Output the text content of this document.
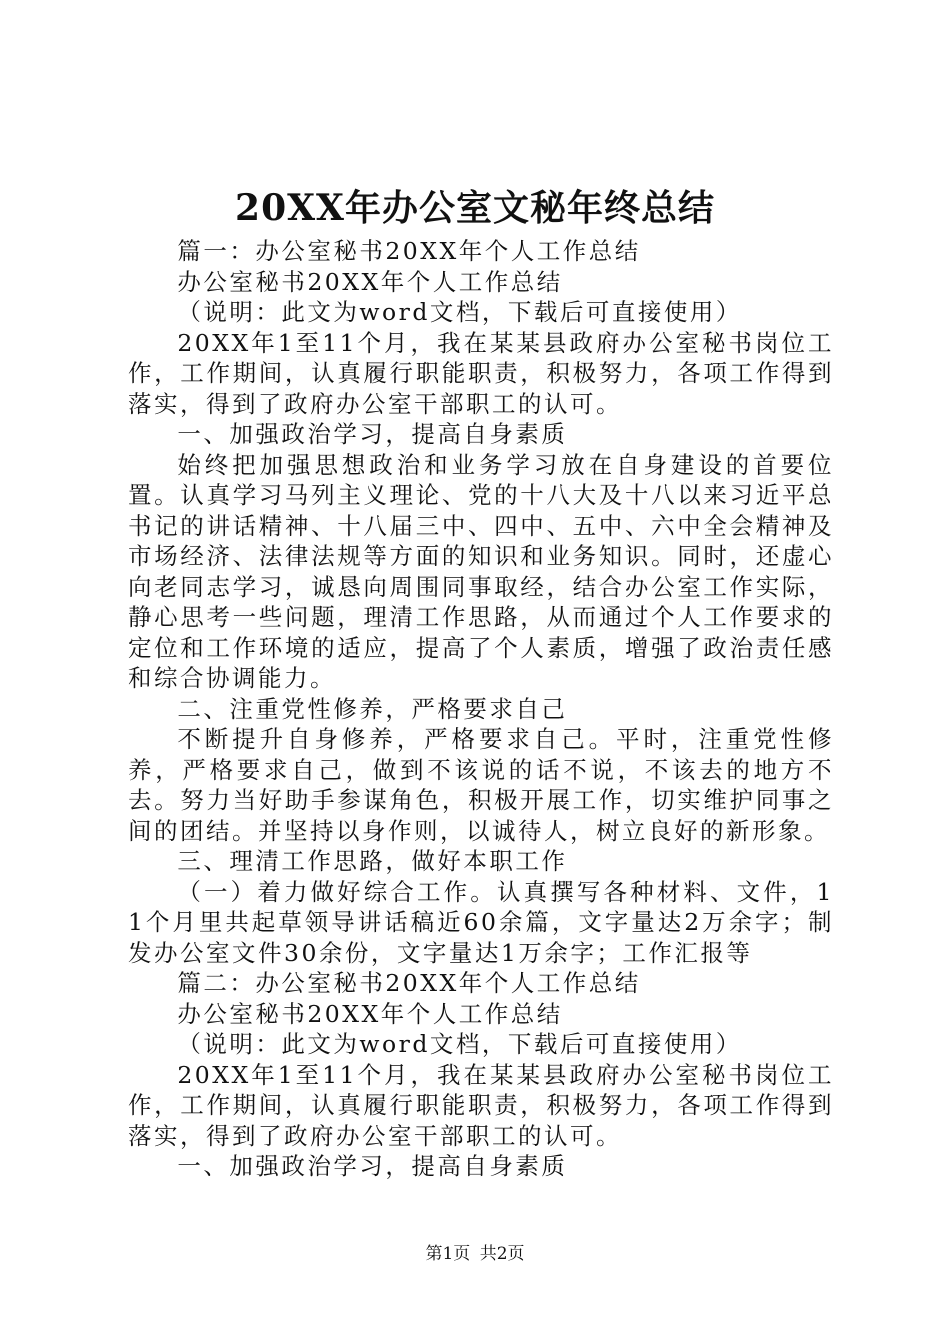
20XX年办公室文秘年终总结

篇一：办公室秘书20XX年个人工作总结

办公室秘书20XX年个人工作总结

（说明：此文为word文档，下载后可直接使用）

20XX年1至11个月，我在某某县政府办公室秘书岗位工作，工作期间，认真履行职能职责，积极努力，各项工作得到落实，得到了政府办公室干部职工的认可。

一、加强政治学习，提高自身素质

始终把加强思想政治和业务学习放在自身建设的首要位置。认真学习马列主义理论、党的十八大及十八以来习近平总书记的讲话精神、十八届三中、四中、五中、六中全会精神及市场经济、法律法规等方面的知识和业务知识。同时，还虚心向老同志学习，诚恳向周围同事取经，结合办公室工作实际，静心思考一些问题，理清工作思路，从而通过个人工作要求的定位和工作环境的适应，提高了个人素质，增强了政治责任感和综合协调能力。

二、注重党性修养，严格要求自己

不断提升自身修养，严格要求自己。平时，注重党性修养，严格要求自己，做到不该说的话不说，不该去的地方不去。努力当好助手参谋角色，积极开展工作，切实维护同事之间的团结。并坚持以身作则，以诚待人，树立良好的新形象。

三、理清工作思路，做好本职工作

（一）着力做好综合工作。认真撰写各种材料、文件，11个月里共起草领导讲话稿近60余篇，文字量达2万余字；制发办公室文件30余份，文字量达1万余字；工作汇报等

篇二：办公室秘书20XX年个人工作总结

办公室秘书20XX年个人工作总结

（说明：此文为word文档，下载后可直接使用）

20XX年1至11个月，我在某某县政府办公室秘书岗位工作，工作期间，认真履行职能职责，积极努力，各项工作得到落实，得到了政府办公室干部职工的认可。

一、加强政治学习，提高自身素质

第1页 共2页
